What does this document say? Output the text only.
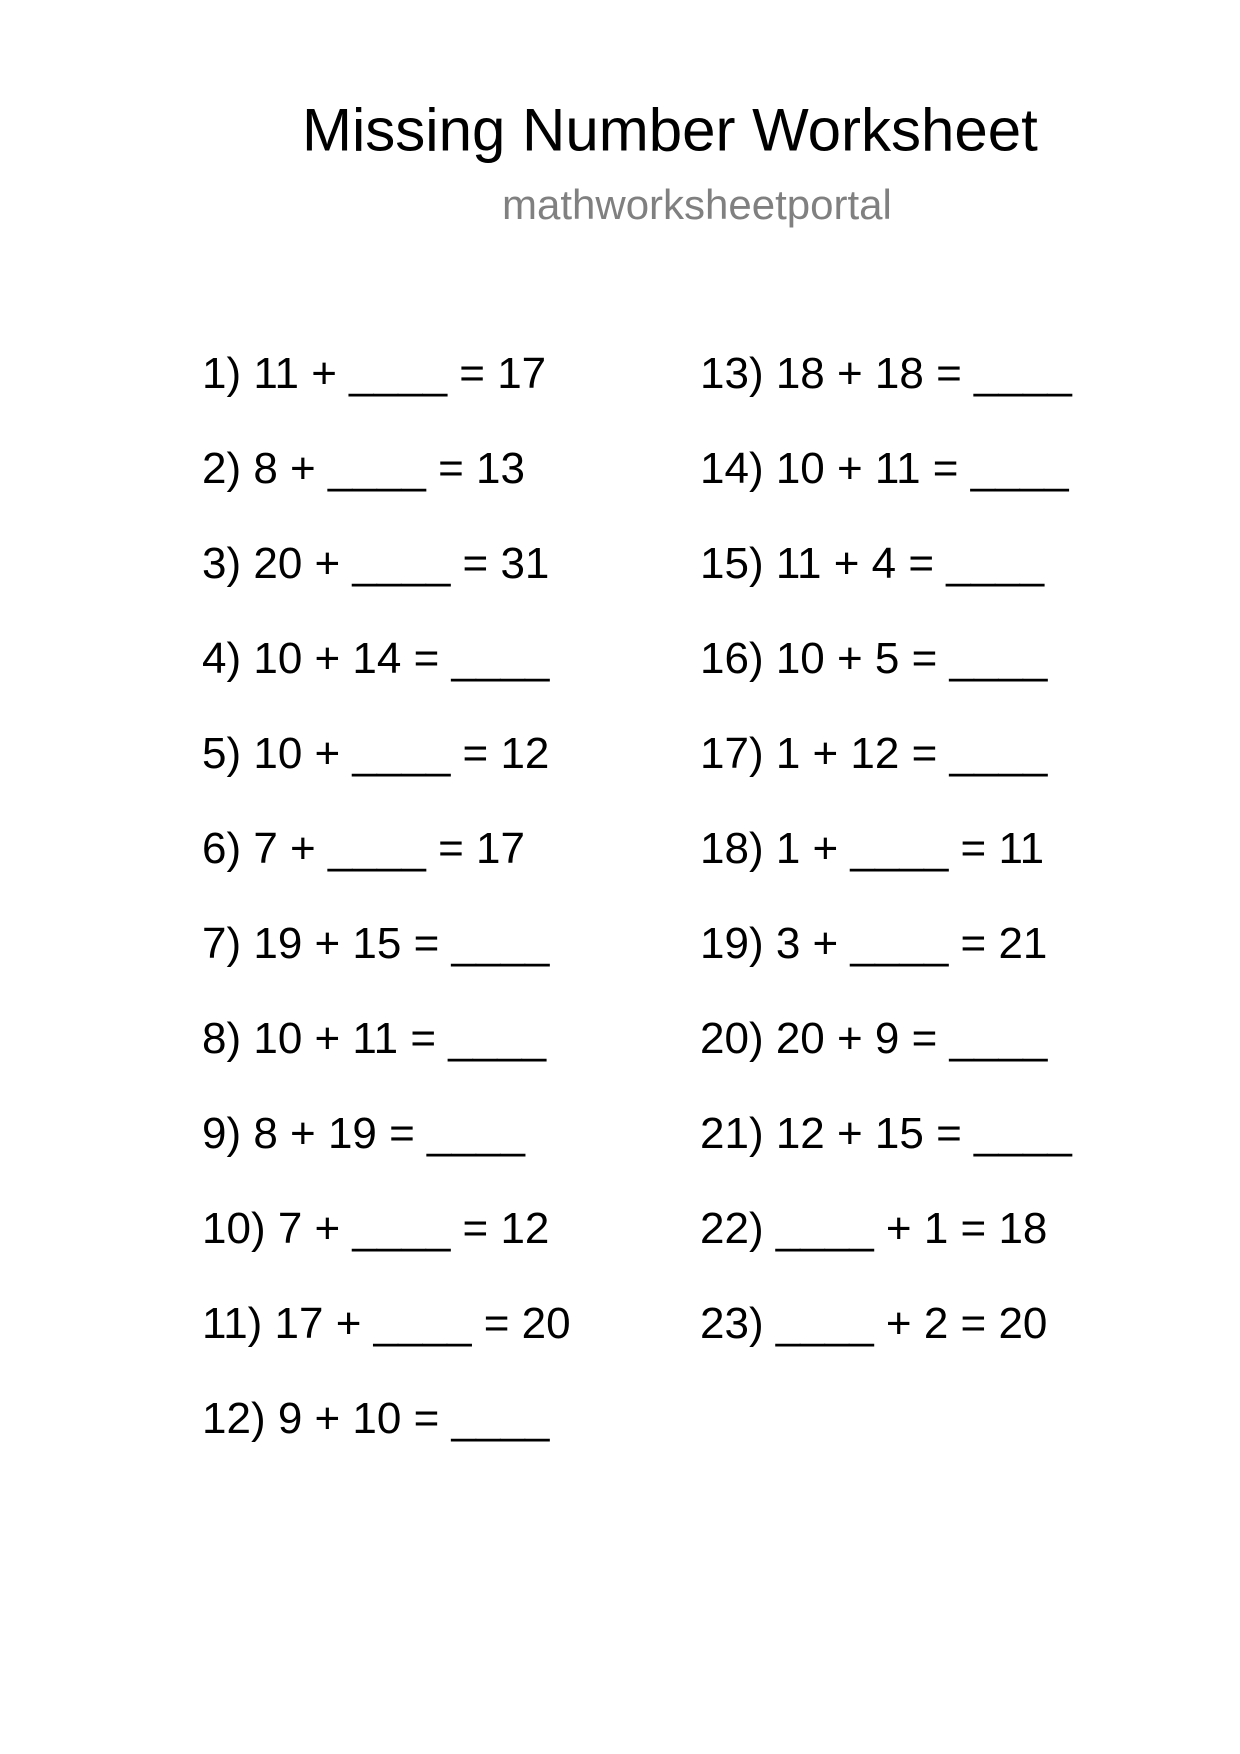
Missing Number Worksheet
mathworksheetportal
1) 11 + ____ = 17
2) 8 + ____ = 13
3) 20 + ____ = 31
4) 10 + 14 = ____
5) 10 + ____ = 12
6) 7 + ____ = 17
7) 19 + 15 = ____
8) 10 + 11 = ____
9) 8 + 19 = ____
10) 7 + ____ = 12
11) 17 + ____ = 20
12) 9 + 10 = ____
13) 18 + 18 = ____
14) 10 + 11 = ____
15) 11 + 4 = ____
16) 10 + 5 = ____
17) 1 + 12 = ____
18) 1 + ____ = 11
19) 3 + ____ = 21
20) 20 + 9 = ____
21) 12 + 15 = ____
22) ____ + 1 = 18
23) ____ + 2 = 20
